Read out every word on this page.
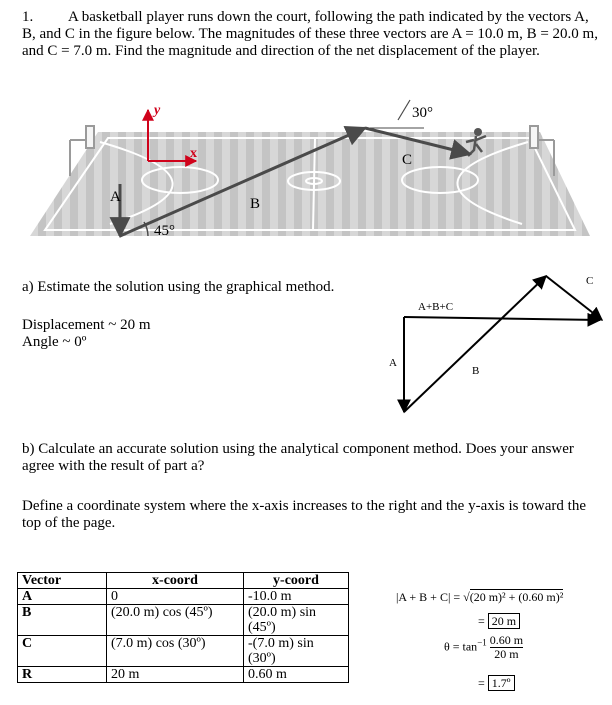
1. A basketball player runs down the court, following the path indicated by the vectors A, B, and C in the figure below. The magnitudes of these three vectors are A = 10.0 m, B = 20.0 m, and C = 7.0 m. Find the magnitude and direction of the net displacement of the player.
y
x
A	B
C
45°
30°
a) Estimate the solution using the graphical method.
Displacement ~ 20 m
Angle ~ 0º
A+B+C
A
B
C
b) Calculate an accurate solution using the analytical component method. Does your answer agree with the result of part a?
Define a coordinate system where the x-axis increases to the right and the y-axis is toward the top of the page.
Vector	x-coord	y-coord
A	0	-10.0 m
B	(20.0 m) cos (45º)	(20.0 m) sin (45º)
C	(7.0 m) cos (30º)	-(7.0 m) sin (30º)
R	20 m	0.60 m
|A + B + C| = √(20 m)² + (0.60 m)²
= 20 m
$\theta = \tan^{-1} \frac{0.60 m}{20 m}$
= 1.7º
